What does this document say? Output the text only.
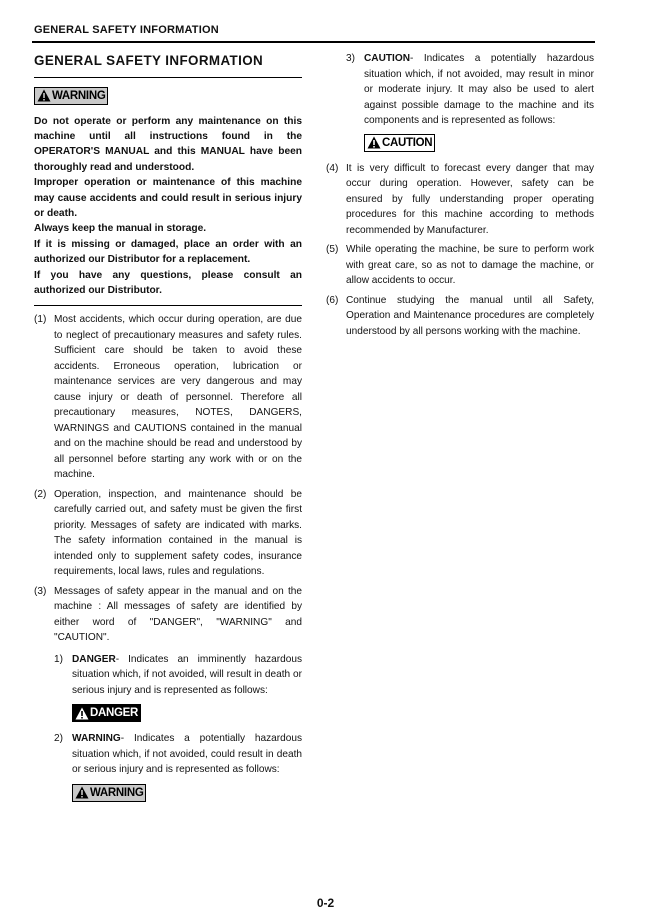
GENERAL SAFETY INFORMATION
GENERAL SAFETY INFORMATION
WARNING

Do not operate or perform any maintenance on this machine until all instructions found in the OPERATOR'S MANUAL and this MANUAL have been thoroughly read and understood.

Improper operation or maintenance of this machine may cause accidents and could result in serious injury or death.

Always keep the manual in storage.

If it is missing or damaged, place an order with an authorized our Distributor for a replacement.

If you have any questions, please consult an authorized our Distributor.

(1) Most accidents, which occur during operation, are due to neglect of precautionary measures and safety rules. Sufficient care should be taken to avoid these accidents. Erroneous operation, lubrication or maintenance services are very dangerous and may cause injury or death of personnel. Therefore all precautionary measures, NOTES, DANGERS, WARNINGS and CAUTIONS contained in the manual and on the machine should be read and understood by all personnel before starting any work with or on the machine.
(2) Operation, inspection, and maintenance should be carefully carried out, and safety must be given the first priority. Messages of safety are indicated with marks. The safety information contained in the manual is intended only to supplement safety codes, insurance requirements, local laws, rules and regulations.
(3) Messages of safety appear in the manual and on the machine : All messages of safety are identified by either word of "DANGER", "WARNING" and "CAUTION".
1) DANGER- Indicates an imminently hazardous situation which, if not avoided, will result in death or serious injury and is represented as follows:
DANGER
2) WARNING- Indicates a potentially hazardous situation which, if not avoided, could result in death or serious injury and is represented as follows:
WARNING
3) CAUTION- Indicates a potentially hazardous situation which, if not avoided, may result in minor or moderate injury. It may also be used to alert against possible damage to the machine and its components and is represented as follows:
CAUTION
(4) It is very difficult to forecast every danger that may occur during operation. However, safety can be ensured by fully understanding proper operating procedures for this machine according to methods recommended by Manufacturer.
(5) While operating the machine, be sure to perform work with great care, so as not to damage the machine, or allow accidents to occur.
(6) Continue studying the manual until all Safety, Operation and Maintenance procedures are completely understood by all persons working with the machine.
0-2
